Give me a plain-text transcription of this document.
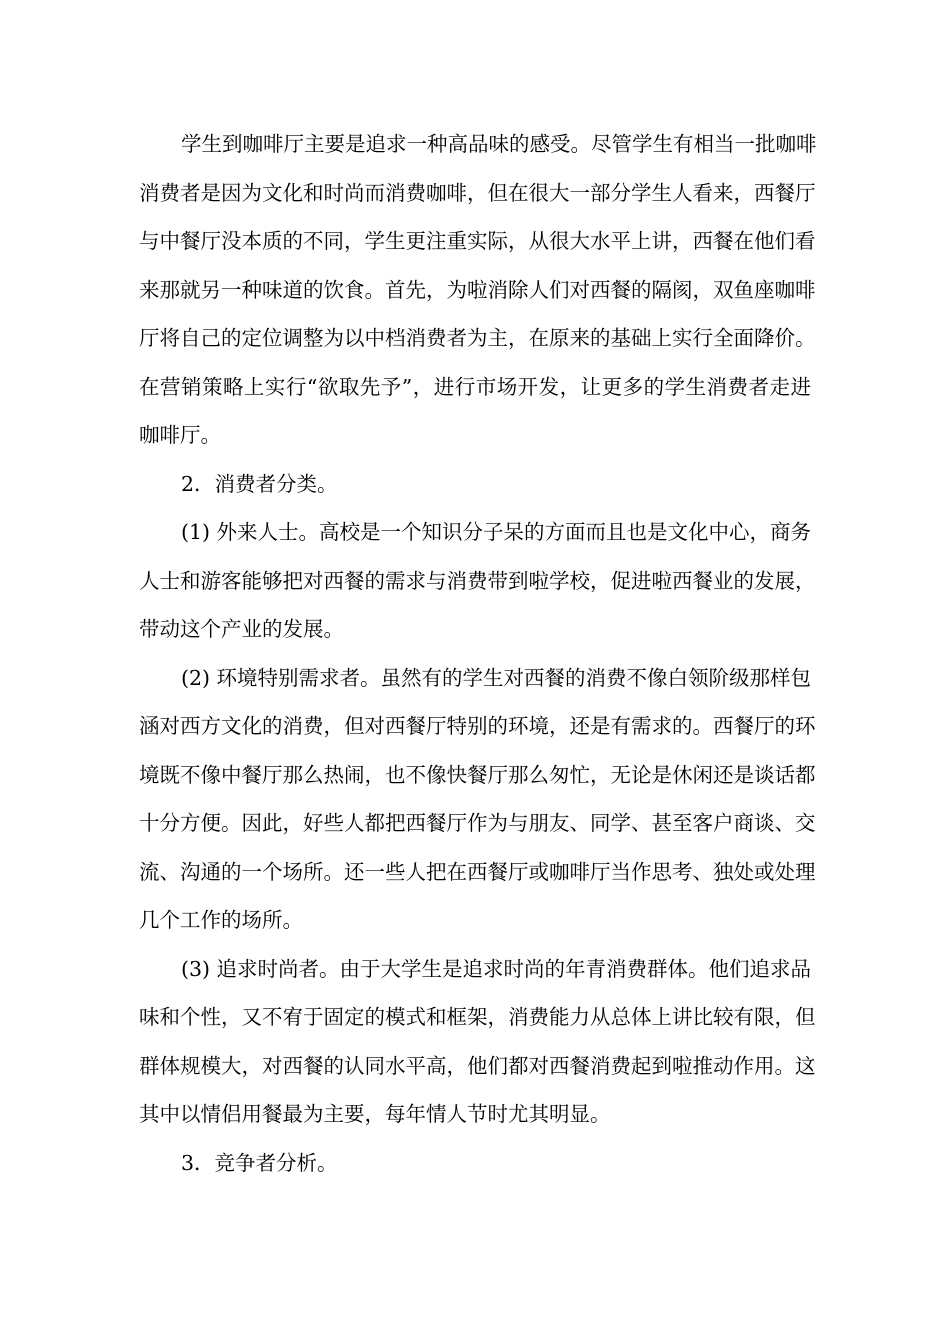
学生到咖啡厅主要是追求一种高品味的感受。尽管学生有相当一批咖啡
消费者是因为文化和时尚而消费咖啡，但在很大一部分学生人看来，西餐厅
与中餐厅没本质的不同，学生更注重实际，从很大水平上讲，西餐在他们看
来那就另一种味道的饮食。首先，为啦消除人们对西餐的隔阂，双鱼座咖啡
厅将自己的定位调整为以中档消费者为主，在原来的基础上实行全面降价。
在营销策略上实行“欲取先予”，进行市场开发，让更多的学生消费者走进
咖啡厅。
2．消费者分类。
(1) 外来人士。高校是一个知识分子呆的方面而且也是文化中心，商务
人士和游客能够把对西餐的需求与消费带到啦学校，促进啦西餐业的发展，
带动这个产业的发展。
(2) 环境特别需求者。虽然有的学生对西餐的消费不像白领阶级那样包
涵对西方文化的消费，但对西餐厅特别的环境，还是有需求的。西餐厅的环
境既不像中餐厅那么热闹，也不像快餐厅那么匆忙，无论是休闲还是谈话都
十分方便。因此，好些人都把西餐厅作为与朋友、同学、甚至客户商谈、交
流、沟通的一个场所。还一些人把在西餐厅或咖啡厅当作思考、独处或处理
几个工作的场所。
(3) 追求时尚者。由于大学生是追求时尚的年青消费群体。他们追求品
味和个性，又不宥于固定的模式和框架，消费能力从总体上讲比较有限，但
群体规模大，对西餐的认同水平高，他们都对西餐消费起到啦推动作用。这
其中以情侣用餐最为主要，每年情人节时尤其明显。
3．竞争者分析。
